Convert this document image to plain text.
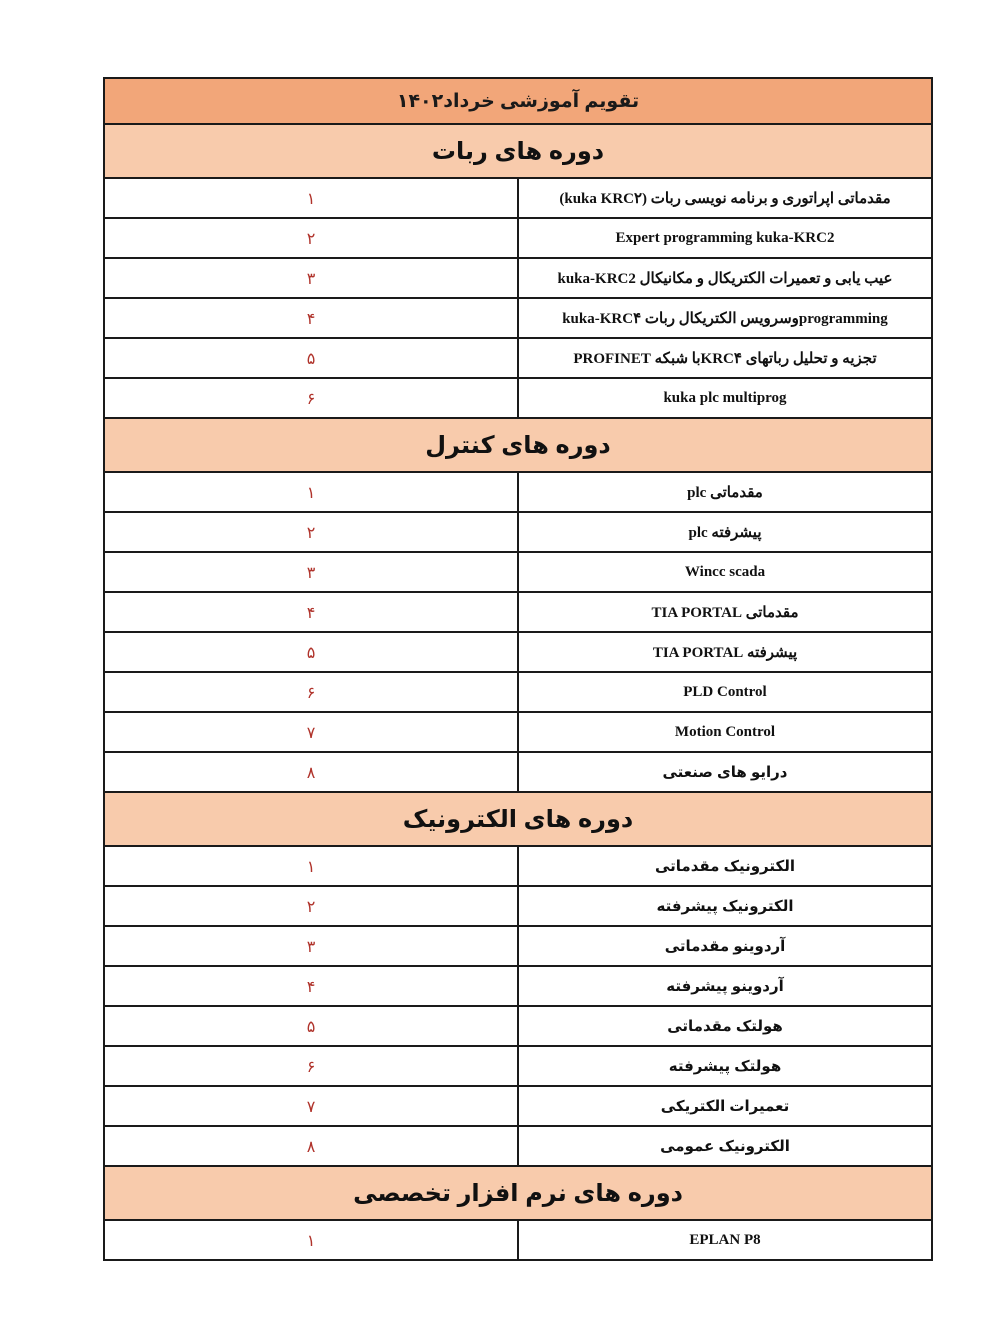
تقویم آموزشی خرداد۱۴۰۲	
دوره های ربات	
مقدماتی اپراتوری و برنامه نویسی ربات (kuka KRC۲)	۱
Expert programming kuka-KRC2	۲
عیب یابی و تعمیرات الکتریکال و مکانیکال kuka-KRC2	۳
programmingوسرویس الکتریکال ربات kuka-KRC۴	۴
تجزیه و تحلیل رباتهای KRC۴با شبکه PROFINET	۵
kuka plc multiprog	۶
دوره های کنترل	
مقدماتی plc	۱
پیشرفته plc	۲
Wincc scada	۳
مقدماتی TIA PORTAL	۴
پیشرفته TIA PORTAL	۵
PLD Control	۶
Motion Control	۷
درایو های صنعتی	۸
دوره های الکترونیک	
الکترونیک مقدماتی	۱
الکترونیک پیشرفته	۲
آردوینو مقدماتی	۳
آردوینو پیشرفته	۴
هولتک مقدماتی	۵
هولتک پیشرفته	۶
تعمیرات الکتریکی	۷
الکترونیک عمومی	۸
دوره های نرم افزار تخصصی	
EPLAN P8	۱
